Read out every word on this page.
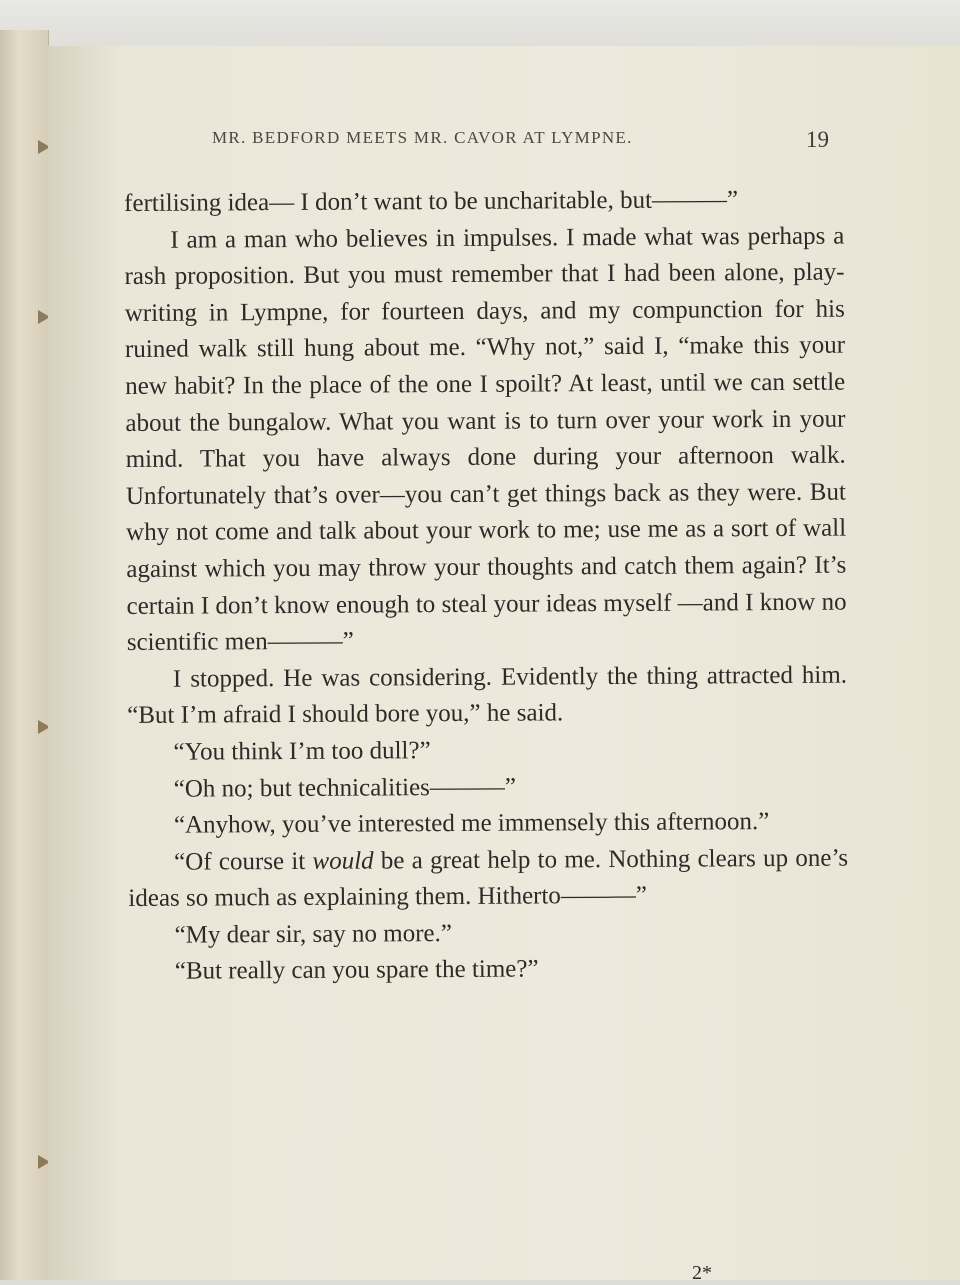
MR. BEDFORD MEETS MR. CAVOR AT LYMPNE.	19

fertilising idea— I don’t want to be uncharitable, but———”

I am a man who believes in impulses. I made what was perhaps a rash proposition. But you must remember that I had been alone, play-writing in Lympne, for fourteen days, and my compunction for his ruined walk still hung about me. “Why not,” said I, “make this your new habit? In the place of the one I spoilt? At least, until we can settle about the bungalow. What you want is to turn over your work in your mind. That you have always done during your afternoon walk. Unfortunately that’s over—you can’t get things back as they were. But why not come and talk about your work to me; use me as a sort of wall against which you may throw your thoughts and catch them again? It’s certain I don’t know enough to steal your ideas myself —and I know no scientific men———”

I stopped. He was considering. Evidently the thing attracted him. “But I’m afraid I should bore you,” he said.

“You think I’m too dull?”

“Oh no; but technicalities———”

“Anyhow, you’ve interested me immensely this afternoon.”

“Of course it would be a great help to me. Nothing clears up one’s ideas so much as explaining them. Hitherto———”

“My dear sir, say no more.”

“But really can you spare the time?”

2*
